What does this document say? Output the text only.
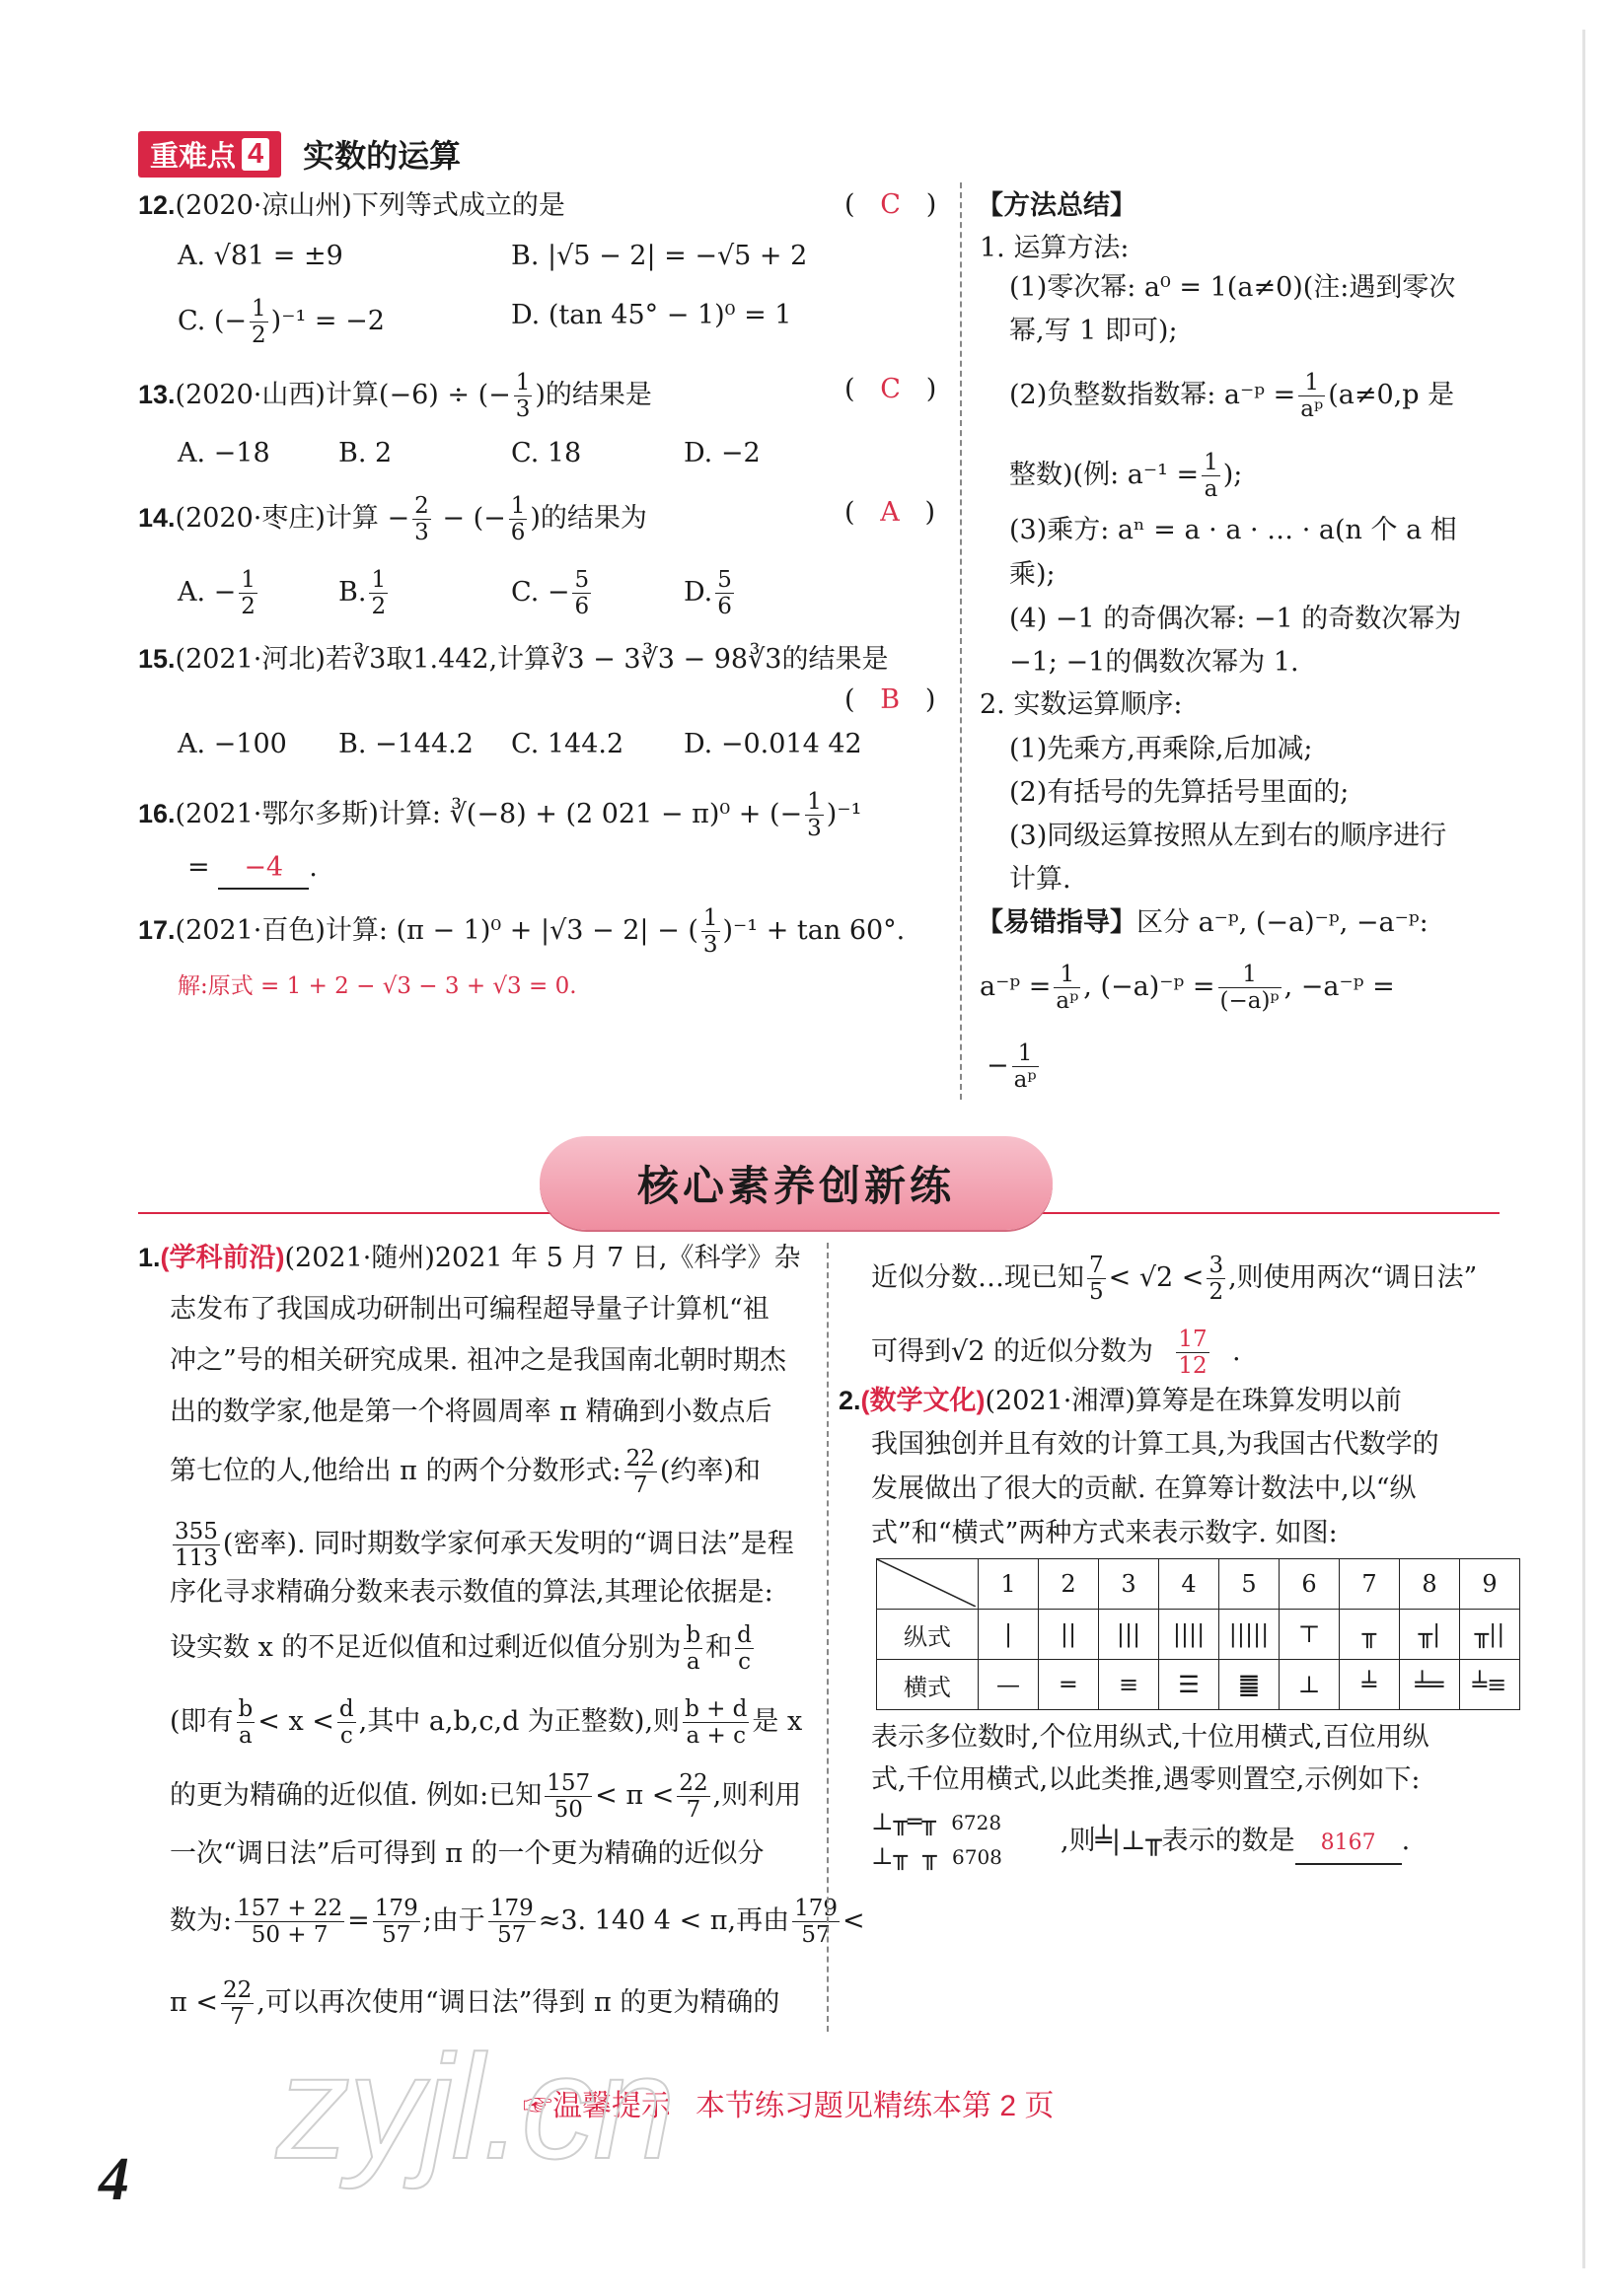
重难点 4 实数的运算
12.(2020·凉山州)下列等式成立的是	(   C   )
A. √81 = ±9	B. |√5 − 2| = −√5 + 2
C. (− $\frac{1}{2} )^{-1} = -2$	D. (tan 45° − 1)⁰ = 1
13.(2020·山西)计算(−6) ÷ (− $\frac{1}{3}$ )的结果是	(   C   )
A. −18	B. 2	C. 18	D. −2
14.(2020·枣庄)计算 − $\frac{2}{3}$ − (− $\frac{1}{6}$ )的结果为	(   A   )
A. − $\frac{1}{2}$	B. $\frac{1}{2}$	C. − $\frac{5}{6}$	D. $\frac{5}{6}$
15.(2021·河北)若∛3取1.442,计算∛3 − 3∛3 − 98∛3的结果是
(   B   )
A. −100 B. −144.2 C. 144.2 D. −0.014 42
16.(2021·鄂尔多斯)计算: ∛(−8) + (2 021 − π)⁰ + (− $\frac{1}{3} )^{-1}$
= −4 .
17.(2021·百色)计算: (π − 1)⁰ + |√3 − 2| − ( $\frac{1}{3} )^{-1} + \tan 60^\circ$.
解:原式 = 1 + 2 − √3 − 3 + √3 = 0.
【方法总结】
1. 运算方法:
(1)零次幂: a⁰ = 1(a≠0)(注:遇到零次
幂,写 1 即可);
(2)负整数指数幂: a⁻ᵖ = $\frac{1}{\text{aᵖ}} (a\ne 0,p$ 是
整数)(例: $a^{-1} = \frac{1}{a}$ );
(3)乘方: aⁿ = a · a · … · a(n 个 a 相
乘);
(4) −1 的奇偶次幂: −1 的奇数次幂为
−1; −1的偶数次幂为 1.
2. 实数运算顺序:
(1)先乘方,再乘除,后加减;
(2)有括号的先算括号里面的;
(3)同级运算按照从左到右的顺序进行
计算.
【易错指导】区分 a⁻ᵖ, (−a)⁻ᵖ, −a⁻ᵖ:
a⁻ᵖ = $\frac{1}{\text{aᵖ}}$ , (−a)⁻ᵖ = $\frac{1}{\text{(−a)ᵖ}}$ , −a⁻ᵖ =
− $\frac{1}{\text{aᵖ}}$
核心素养创新练
1.(学科前沿)(2021·随州)2021 年 5 月 7 日,《科学》杂
志发布了我国成功研制出可编程超导量子计算机“祖
冲之”号的相关研究成果. 祖冲之是我国南北朝时期杰
出的数学家,他是第一个将圆周率 π 精确到小数点后
第七位的人,他给出 π 的两个分数形式: $\frac{22}{7}$ (约率)和
$\frac{355}{113}$ (密率). 同时期数学家何承天发明的“调日法”是程
序化寻求精确分数来表示数值的算法,其理论依据是:
设实数 x 的不足近似值和过剩近似值分别为 $\frac{b}{a}$ 和 $\frac{d}{c}$
(即有 $\frac{b}{a} < x < \frac{d}{c}$ ,其中 a,b,c,d 为正整数),则 $\frac{b + d}{a + c}$ 是 x
的更为精确的近似值. 例如:已知 $\frac{157}{50} < \pi < \frac{22}{7}$ ,则利用
一次“调日法”后可得到 π 的一个更为精确的近似分
数为: $\frac{157 + 22}{50 + 7} = \frac{179}{57}$ ;由于 $\frac{179}{57} \approx 3$. 140 4 < π,再由 $\frac{179}{57}$ <
$\pi < \frac{22}{7}$ ,可以再次使用“调日法”得到 π 的更为精确的
近似分数…现已知 $\frac{7}{5} < √2 < \frac{3}{2}$ ,则使用两次“调日法”
可得到√2 的近似分数为 $\frac{17}{12}$ .
2.(数学文化)(2021·湘潭)算筹是在珠算发明以前
我国独创并且有效的计算工具,为我国古代数学的
发展做出了很大的贡献. 在算筹计数法中,以“纵
式”和“横式”两种方式来表示数字. 如图:
	1	2	3	4	5	6	7	8	9
纵式	|	||	|||	||||	|||||	⊤	╥	╥|	╥||
横式	—	═	≡	☰	䷀	⊥	╧	╧═	╧≡
表示多位数时,个位用纵式,十位用横式,百位用纵
式,千位用横式,以此类推,遇零则置空,示例如下:
⊥╥═╥ 6728
⊥╥  ╥ 6708
,则╧|⊥╥表示的数是 8167 .
☞温馨提示   本节练习题见精练本第 2 页
zyjl.cn
4
